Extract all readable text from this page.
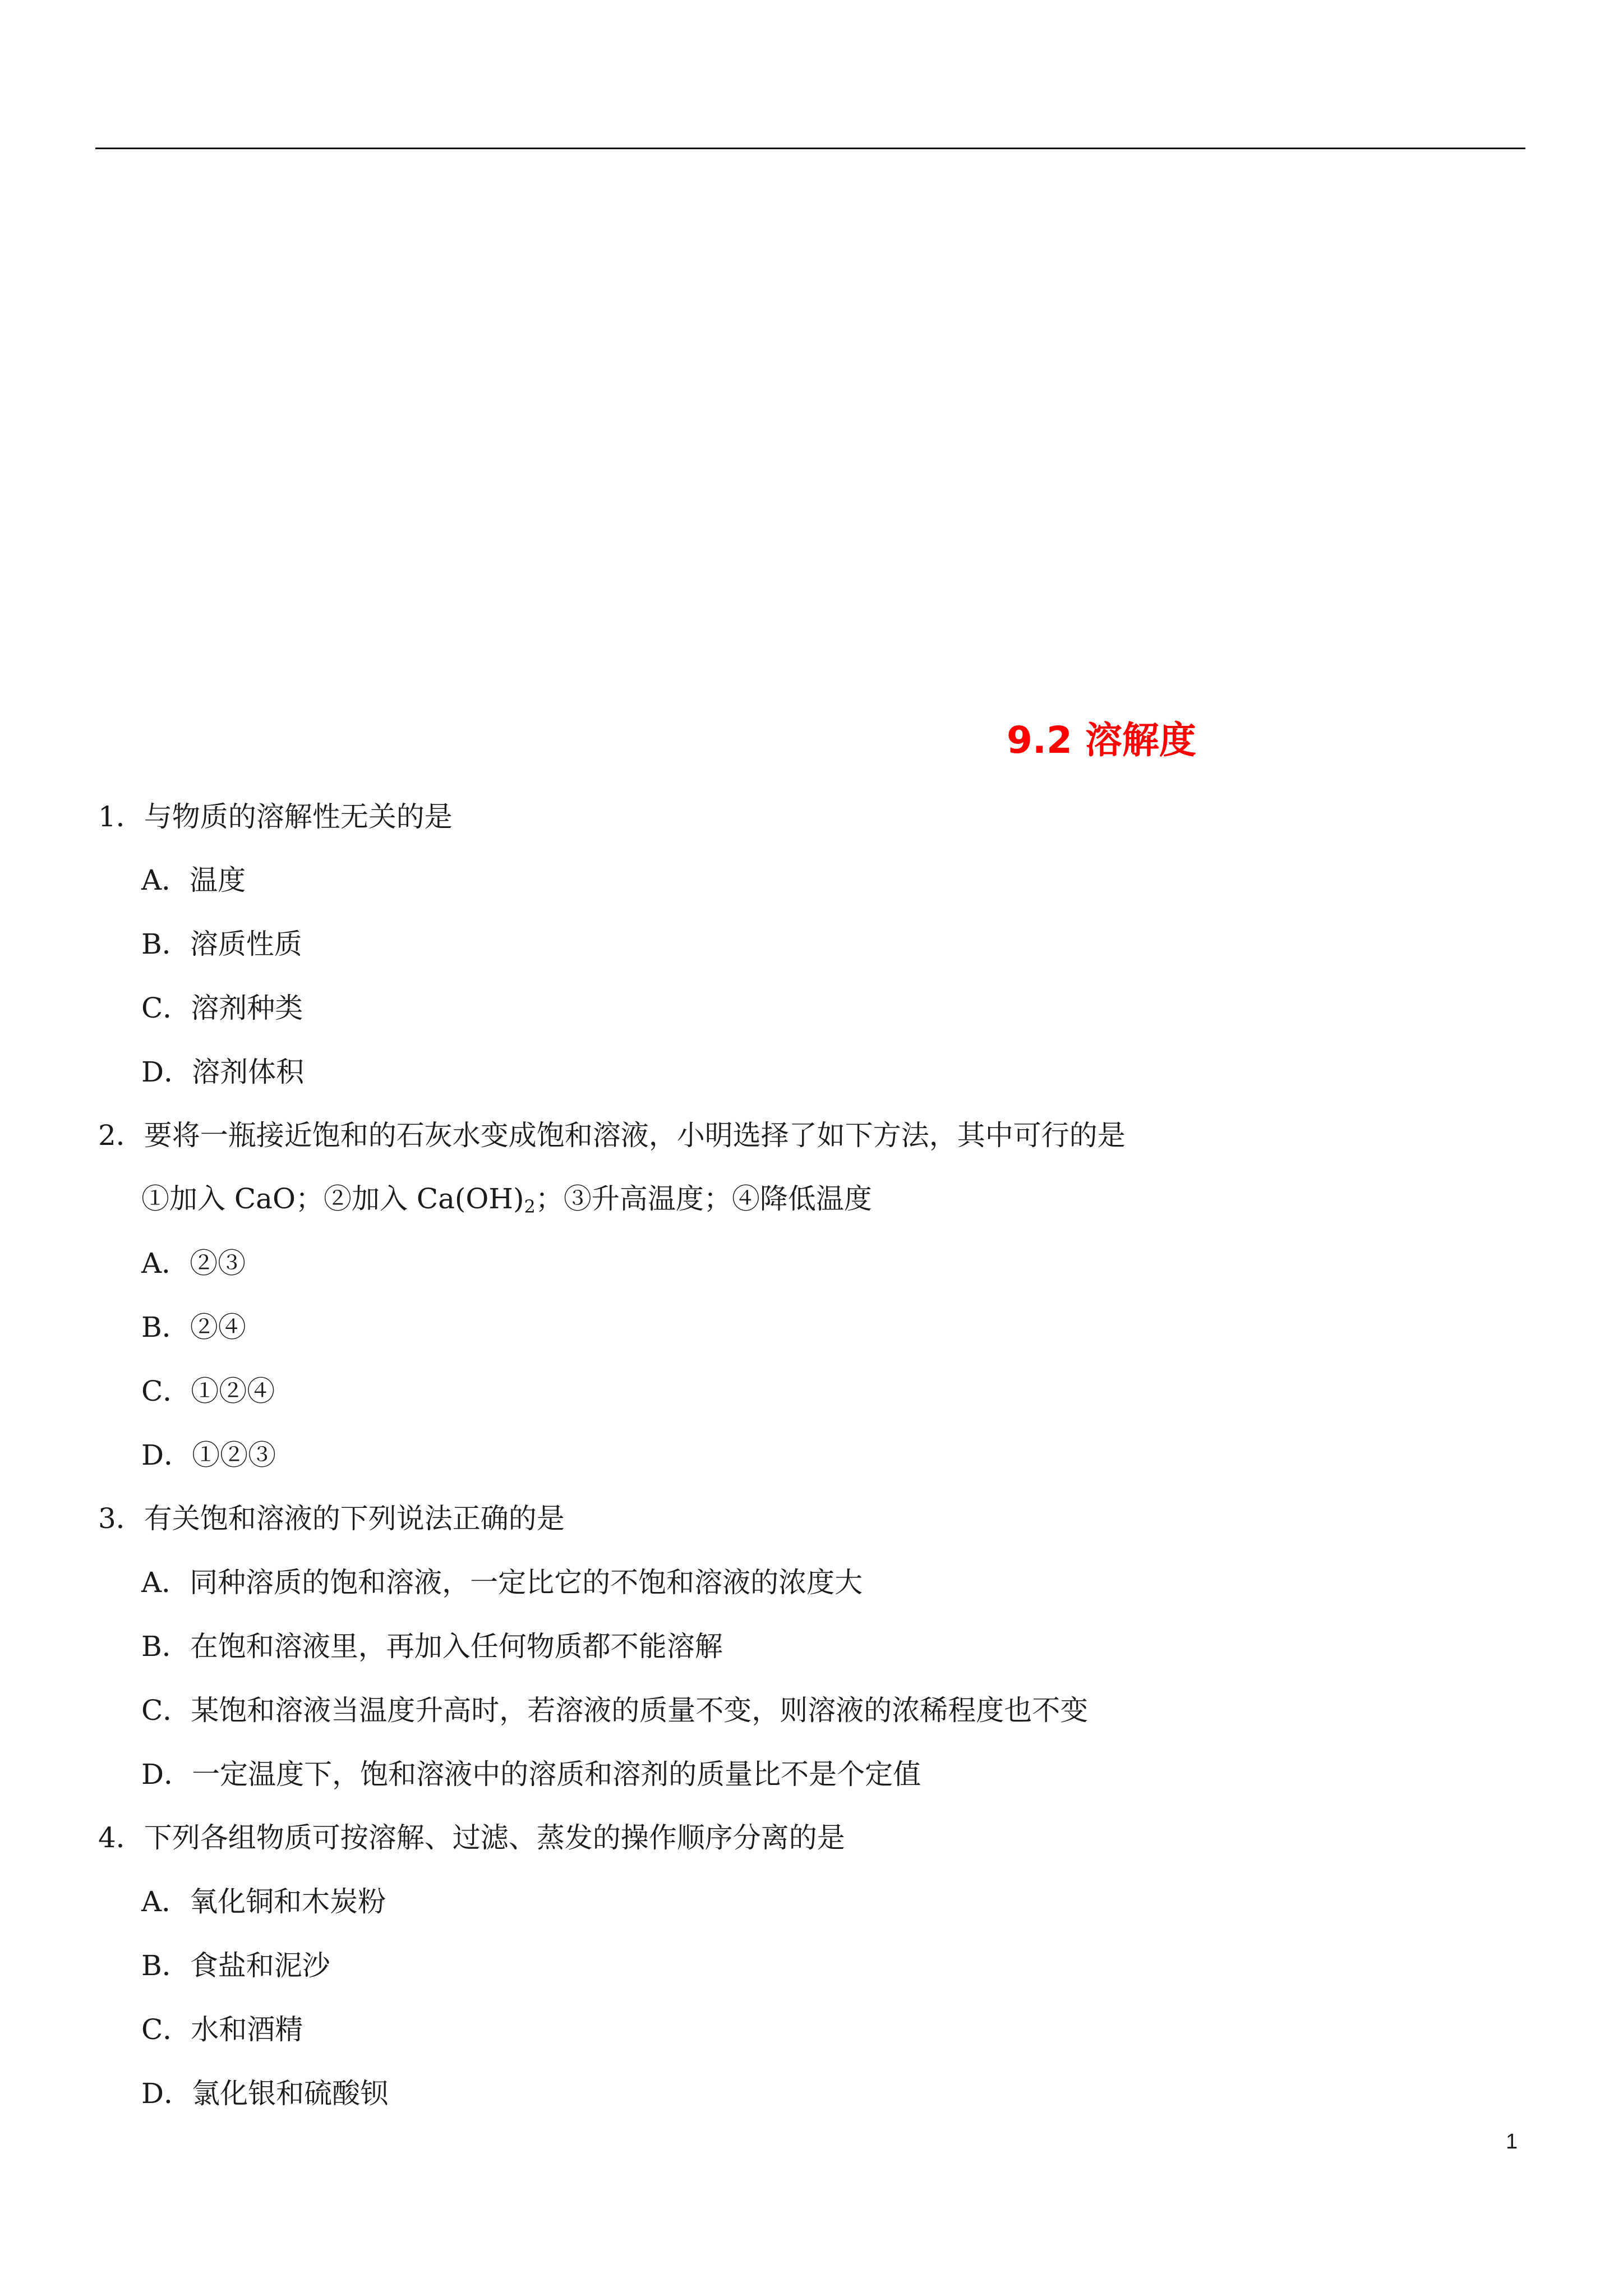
9.2 溶解度
1．与物质的溶解性无关的是
A．温度
B．溶质性质
C．溶剂种类
D．溶剂体积
2．要将一瓶接近饱和的石灰水变成饱和溶液，小明选择了如下方法，其中可行的是
①加入 CaO；②加入 $Ca(OH)_2$；③升高温度；④降低温度
A．②③
B．②④
C．①②④
D．①②③
3．有关饱和溶液的下列说法正确的是
A．同种溶质的饱和溶液，一定比它的不饱和溶液的浓度大
B．在饱和溶液里，再加入任何物质都不能溶解
C．某饱和溶液当温度升高时，若溶液的质量不变，则溶液的浓稀程度也不变
D．一定温度下，饱和溶液中的溶质和溶剂的质量比不是个定值
4．下列各组物质可按溶解、过滤、蒸发的操作顺序分离的是
A．氧化铜和木炭粉
B．食盐和泥沙
C．水和酒精
D．氯化银和硫酸钡
1
